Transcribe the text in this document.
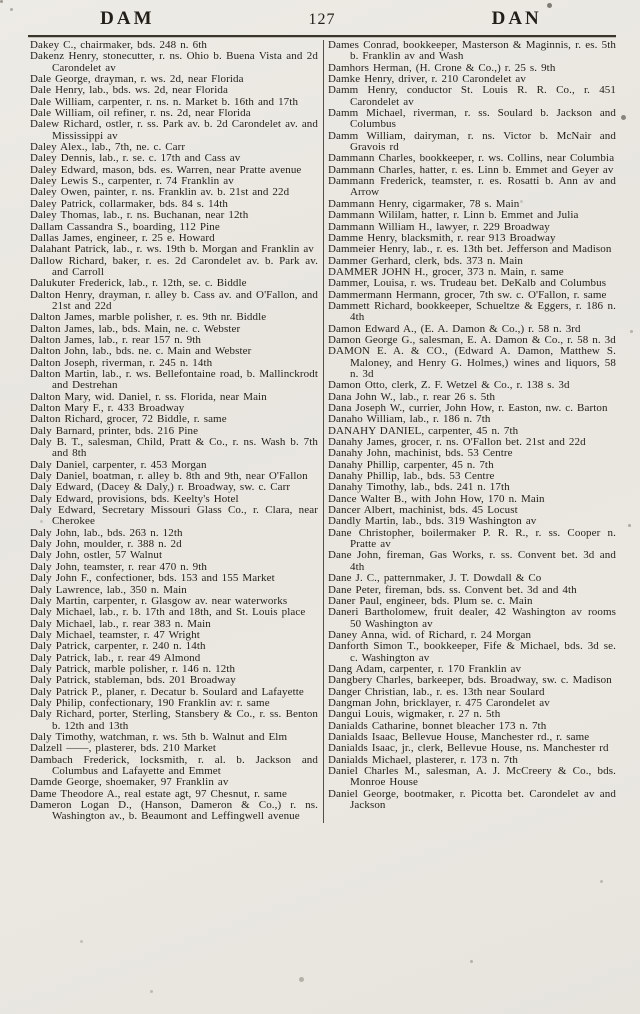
DAM	127	DAN
Dakey C., chairmaker, bds. 248 n. 6th
Dakenz Henry, stonecutter, r. ns. Ohio b. Buena Vista and 2d Carondelet av
Dale George, drayman, r. ws. 2d, near Florida
Dale Henry, lab., bds. ws. 2d, near Florida
Dale William, carpenter, r. ns. n. Market b. 16th and 17th
Dale William, oil refiner, r. ns. 2d, near Florida
Dalew Richard, ostler, r. ss. Park av. b. 2d Carondelet av. and Mississippi av
Daley Alex., lab., 7th, ne. c. Carr
Daley Dennis, lab., r. se. c. 17th and Cass av
Daley Edward, mason, bds. es. Warren, near Pratte avenue
Daley Lewis S., carpenter, r. 74 Franklin av
Daley Owen, painter, r. ns. Franklin av. b. 21st and 22d
Daley Patrick, collarmaker, bds. 84 s. 14th
Daley Thomas, lab., r. ns. Buchanan, near 12th
Dallam Cassandra S., boarding, 112 Pine
Dallas James, engineer, r. 25 e. Howard
Dalahant Patrick, lab., r. ws. 19th b. Morgan and Franklin av
Dallow Richard, baker, r. es. 2d Carondelet av. b. Park av. and Carroll
Dalukuter Frederick, lab., r. 12th, se. c. Biddle
Dalton Henry, drayman, r. alley b. Cass av. and O'Fallon, and 21st and 22d
Dalton James, marble polisher, r. es. 9th nr. Biddle
Dalton James, lab., bds. Main, ne. c. Webster
Dalton James, lab., r. rear 157 n. 9th
Dalton John, lab., bds. ne. c. Main and Webster
Dalton Joseph, riverman, r. 245 n. 14th
Dalton Martin, lab., r. ws. Bellefontaine road, b. Mallinckrodt and Destrehan
Dalton Mary, wid. Daniel, r. ss. Florida, near Main
Dalton Mary F., r. 433 Broadway
Dalton Richard, grocer, 72 Biddle, r. same
Daly Barnard, printer, bds. 216 Pine
Daly B. T., salesman, Child, Pratt & Co., r. ns. Wash b. 7th and 8th
Daly Daniel, carpenter, r. 453 Morgan
Daly Daniel, boatman, r. alley b. 8th and 9th, near O'Fallon
Daly Edward, (Dacey & Daly,) r. Broadway, sw. c. Carr
Daly Edward, provisions, bds. Keelty's Hotel
Daly Edward, Secretary Missouri Glass Co., r. Clara, near Cherokee
Daly John, lab., bds. 263 n. 12th
Daly John, moulder, r. 388 n. 2d
Daly John, ostler, 57 Walnut
Daly John, teamster, r. rear 470 n. 9th
Daly John F., confectioner, bds. 153 and 155 Market
Daly Lawrence, lab., 350 n. Main
Daly Martin, carpenter, r. Glasgow av. near waterworks
Daly Michael, lab., r. b. 17th and 18th, and St. Louis place
Daly Michael, lab., r. rear 383 n. Main
Daly Michael, teamster, r. 47 Wright
Daly Patrick, carpenter, r. 240 n. 14th
Daly Patrick, lab., r. rear 49 Almond
Daly Patrick, marble polisher, r. 146 n. 12th
Daly Patrick, stableman, bds. 201 Broadway
Daly Patrick P., planer, r. Decatur b. Soulard and Lafayette
Daly Philip, confectionary, 190 Franklin av. r. same
Daly Richard, porter, Sterling, Stansbery & Co., r. ss. Benton b. 12th and 13th
Daly Timothy, watchman, r. ws. 5th b. Walnut and Elm
Dalzell ——, plasterer, bds. 210 Market
Dambach Frederick, locksmith, r. al. b. Jackson and Columbus and Lafayette and Emmet
Damde George, shoemaker, 97 Franklin av
Dame Theodore A., real estate agt, 97 Chesnut, r. same
Dameron Logan D., (Hanson, Dameron & Co.,) r. ns. Washington av., b. Beaumont and Leffingwell avenue
Dames Conrad, bookkeeper, Masterson & Maginnis, r. es. 5th b. Franklin av and Wash
Damhors Herman, (H. Crone & Co.,) r. 25 s. 9th
Damke Henry, driver, r. 210 Carondelet av
Damm Henry, conductor St. Louis R. R. Co., r. 451 Carondelet av
Damm Michael, riverman, r. ss. Soulard b. Jackson and Columbus
Damm William, dairyman, r. ns. Victor b. McNair and Gravois rd
Dammann Charles, bookkeeper, r. ws. Collins, near Columbia
Dammann Charles, hatter, r. es. Linn b. Emmet and Geyer av
Dammann Frederick, teamster, r. es. Rosatti b. Ann av and Arrow
Dammann Henry, cigarmaker, 78 s. Main
Dammann Wililam, hatter, r. Linn b. Emmet and Julia
Dammann William H., lawyer, r. 229 Broadway
Damme Henry, blacksmith, r. rear 913 Broadway
Dammeier Henry, lab., r. es. 13th bet. Jefferson and Madison
Dammer Gerhard, clerk, bds. 373 n. Main
DAMMER JOHN H., grocer, 373 n. Main, r. same
Dammer, Louisa, r. ws. Trudeau bet. DeKalb and Columbus
Dammermann Hermann, grocer, 7th sw. c. O'Fallon, r. same
Dammett Richard, bookkeeper, Schueltze & Eggers, r. 186 n. 4th
Damon Edward A., (E. A. Damon & Co.,) r. 58 n. 3rd
Damon George G., salesman, E. A. Damon & Co., r. 58 n. 3d
DAMON E. A. & CO., (Edward A. Damon, Matthew S. Maloney, and Henry G. Holmes,) wines and liquors, 58 n. 3d
Damon Otto, clerk, Z. F. Wetzel & Co., r. 138 s. 3d
Dana John W., lab., r. rear 26 s. 5th
Dana Joseph W., currier, John How, r. Easton, nw. c. Barton
Danaho William, lab., r. 186 n. 7th
DANAHY DANIEL, carpenter, 45 n. 7th
Danahy James, grocer, r. ns. O'Fallon bet. 21st and 22d
Danahy John, machinist, bds. 53 Centre
Danahy Phillip, carpenter, 45 n. 7th
Danahy Phillip, lab., bds. 53 Centre
Danahy Timothy, lab., bds. 241 n. 17th
Dance Walter B., with John How, 170 n. Main
Dancer Albert, machinist, bds. 45 Locust
Dandly Martin, lab., bds. 319 Washington av
Dane Christopher, boilermaker P. R. R., r. ss. Cooper n. Pratte av
Dane John, fireman, Gas Works, r. ss. Convent bet. 3d and 4th
Dane J. C., patternmaker, J. T. Dowdall & Co
Dane Peter, fireman, bds. ss. Convent bet. 3d and 4th
Daner Paul, engineer, bds. Plum se. c. Main
Daneri Bartholomew, fruit dealer, 42 Washington av rooms 50 Washington av
Daney Anna, wid. of Richard, r. 24 Morgan
Danforth Simon T., bookkeeper, Fife & Michael, bds. 3d se. c. Washington av
Dang Adam, carpenter, r. 170 Franklin av
Dangbery Charles, barkeeper, bds. Broadway, sw. c. Madison
Danger Christian, lab., r. es. 13th near Soulard
Dangman John, bricklayer, r. 475 Carondelet av
Dangui Louis, wigmaker, r. 27 n. 5th
Danialds Catharine, bonnet bleacher 173 n. 7th
Danialds Isaac, Bellevue House, Manchester rd., r. same
Danialds Isaac, jr., clerk, Bellevue House, ns. Manchester rd
Danialds Michael, plasterer, r. 173 n. 7th
Daniel Charles M., salesman, A. J. McCreery & Co., bds. Monroe House
Daniel George, bootmaker, r. Picotta bet. Carondelet av and Jackson
